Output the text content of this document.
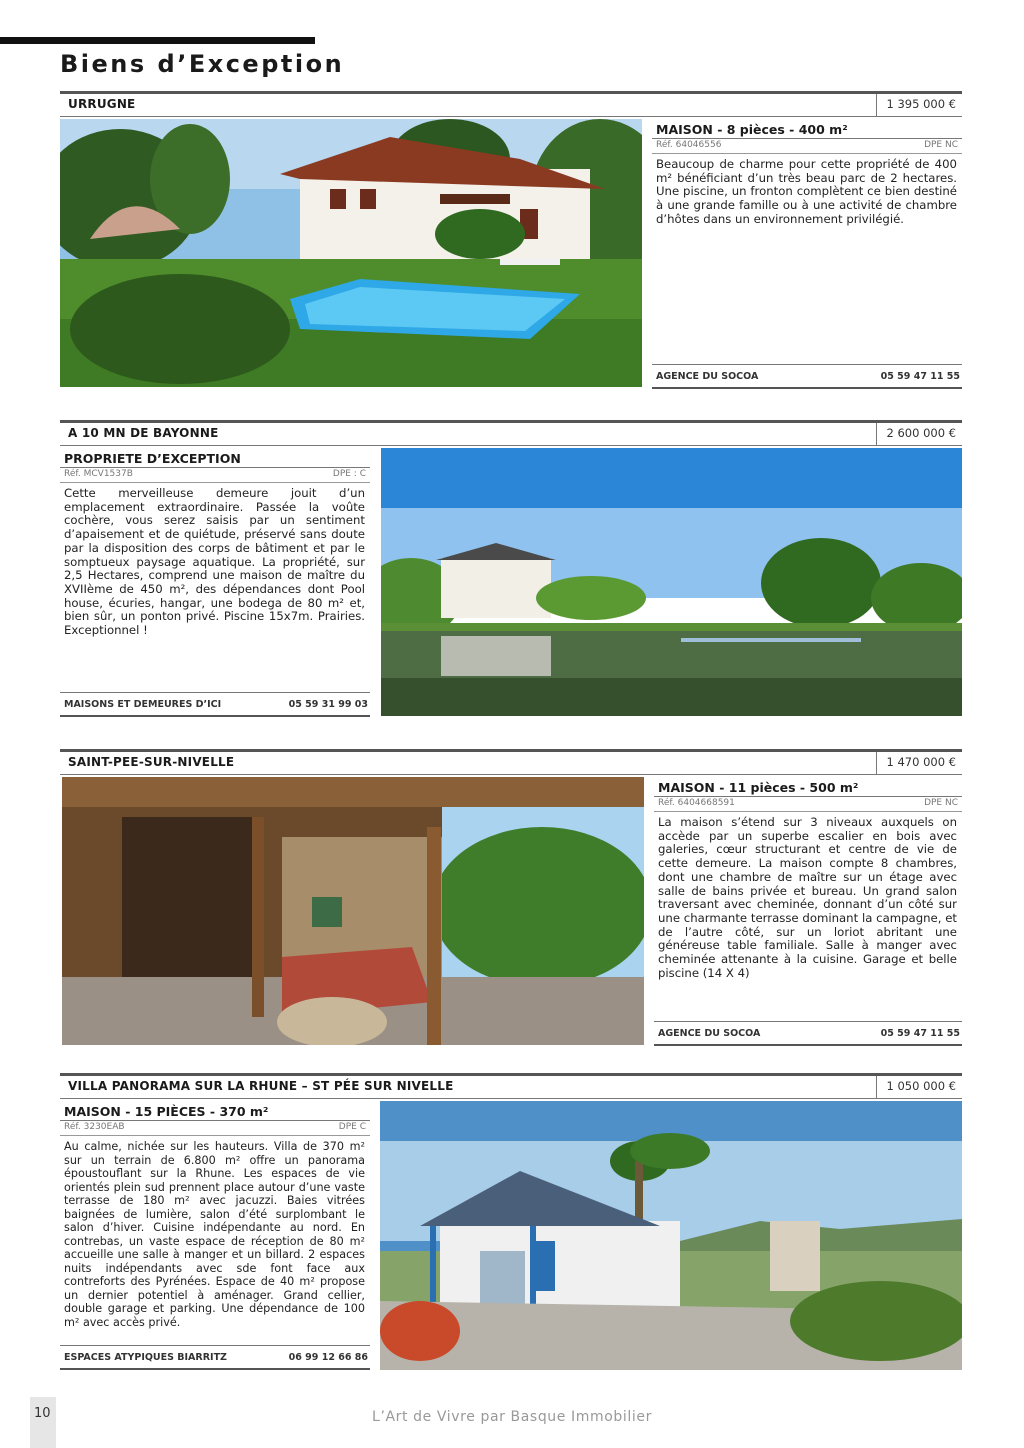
Biens d’Exception
URRUGNE	1 395 000 €
MAISON - 8 pièces - 400 m²
Réf. 64046556	DPE NC
Beaucoup de charme pour cette propriété de 400 m² bénéficiant d’un très beau parc de 2 hectares. Une piscine, un fronton complètent ce bien destiné à une grande famille ou à une activité de chambre d’hôtes dans un environnement privilégié.
AGENCE DU SOCOA	05 59 47 11 55
A 10 MN DE BAYONNE	2 600 000 €
PROPRIETE D’EXCEPTION
Réf. MCV1537B	DPE : C
Cette merveilleuse demeure jouit d’un emplacement extraordinaire. Passée la voûte cochère, vous serez saisis par un sentiment d’apaisement et de quiétude, préservé sans doute par la disposition des corps de bâtiment et par le somptueux paysage aquatique. La propriété, sur 2,5 Hectares, comprend une maison de maître du XVIIème de 450 m², des dépendances dont Pool house, écuries, hangar, une bodega de 80 m² et, bien sûr, un ponton privé. Piscine 15x7m. Prairies. Exceptionnel !
MAISONS ET DEMEURES D’ICI	05 59 31 99 03
SAINT-PEE-SUR-NIVELLE	1 470 000 €
MAISON - 11 pièces - 500 m²
Réf. 6404668591	DPE NC
La maison s’étend sur 3 niveaux auxquels on accède par un superbe escalier en bois avec galeries, cœur structurant et centre de vie de cette demeure. La maison compte 8 chambres, dont une chambre de maître sur un étage avec salle de bains privée et bureau. Un grand salon traversant avec cheminée, donnant d’un côté sur une charmante terrasse dominant la campagne, et de l’autre côté, sur un loriot abritant une généreuse table familiale. Salle à manger avec cheminée attenante à la cuisine. Garage et belle piscine (14 X 4)
AGENCE DU SOCOA	05 59 47 11 55
VILLA PANORAMA SUR LA RHUNE – ST PÉE SUR NIVELLE	1 050 000 €
MAISON - 15 PIÈCES - 370 m²
Réf. 3230EAB	DPE C
Au calme, nichée sur les hauteurs. Villa de 370 m² sur un terrain de 6.800 m² offre un panorama époustouflant sur la Rhune. Les espaces de vie orientés plein sud prennent place autour d’une vaste terrasse de 180 m² avec jacuzzi. Baies vitrées baignées de lumière, salon d’été surplombant le salon d’hiver. Cuisine indépendante au nord. En contrebas, un vaste espace de réception de 80 m² accueille une salle à manger et un billard. 2 espaces nuits indépendants avec sde font face aux contreforts des Pyrénées. Espace de 40 m² propose un dernier potentiel à aménager. Grand cellier, double garage et parking. Une dépendance de 100 m² avec accès privé.
ESPACES ATYPIQUES BIARRITZ	06 99 12 66 86
10	L’Art de Vivre par Basque Immobilier
